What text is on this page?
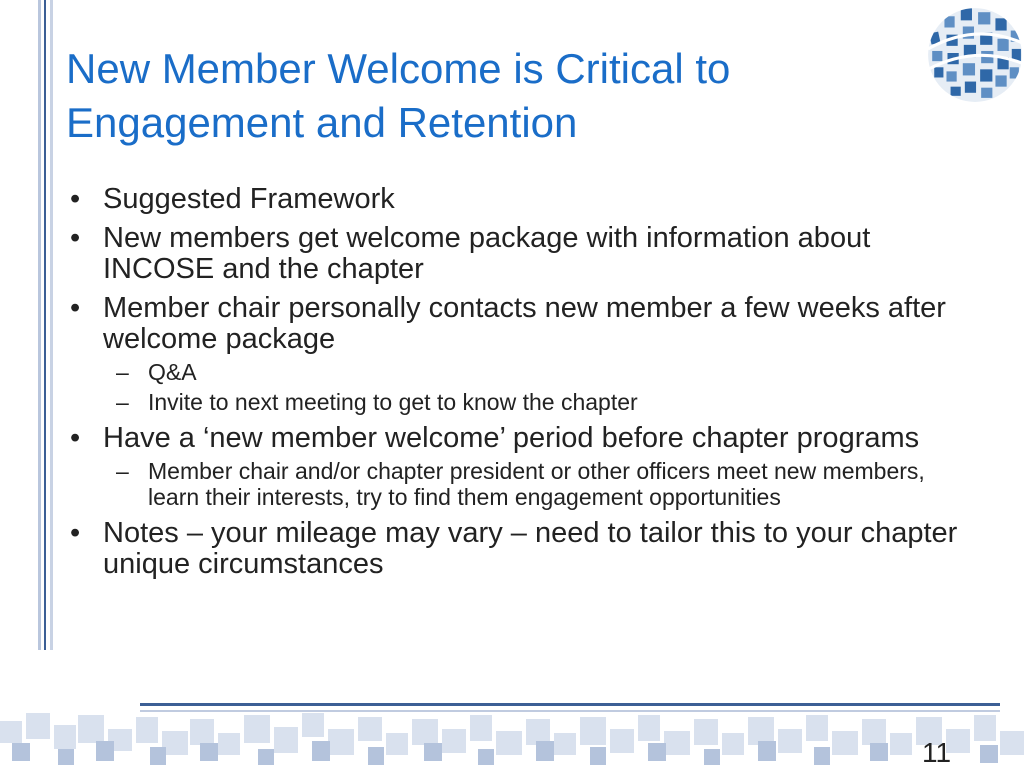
New Member Welcome is Critical to Engagement and Retention
• Suggested Framework
• New members get welcome package with information about INCOSE and the chapter
• Member chair personally contacts new member a few weeks after welcome package
– Q&A
– Invite to next meeting to get to know the chapter
• Have a ‘new member welcome’ period before chapter programs
– Member chair and/or chapter president or other officers meet new members, learn their interests, try to find them engagement opportunities
• Notes – your mileage may vary – need to tailor this to your chapter unique circumstances
11
